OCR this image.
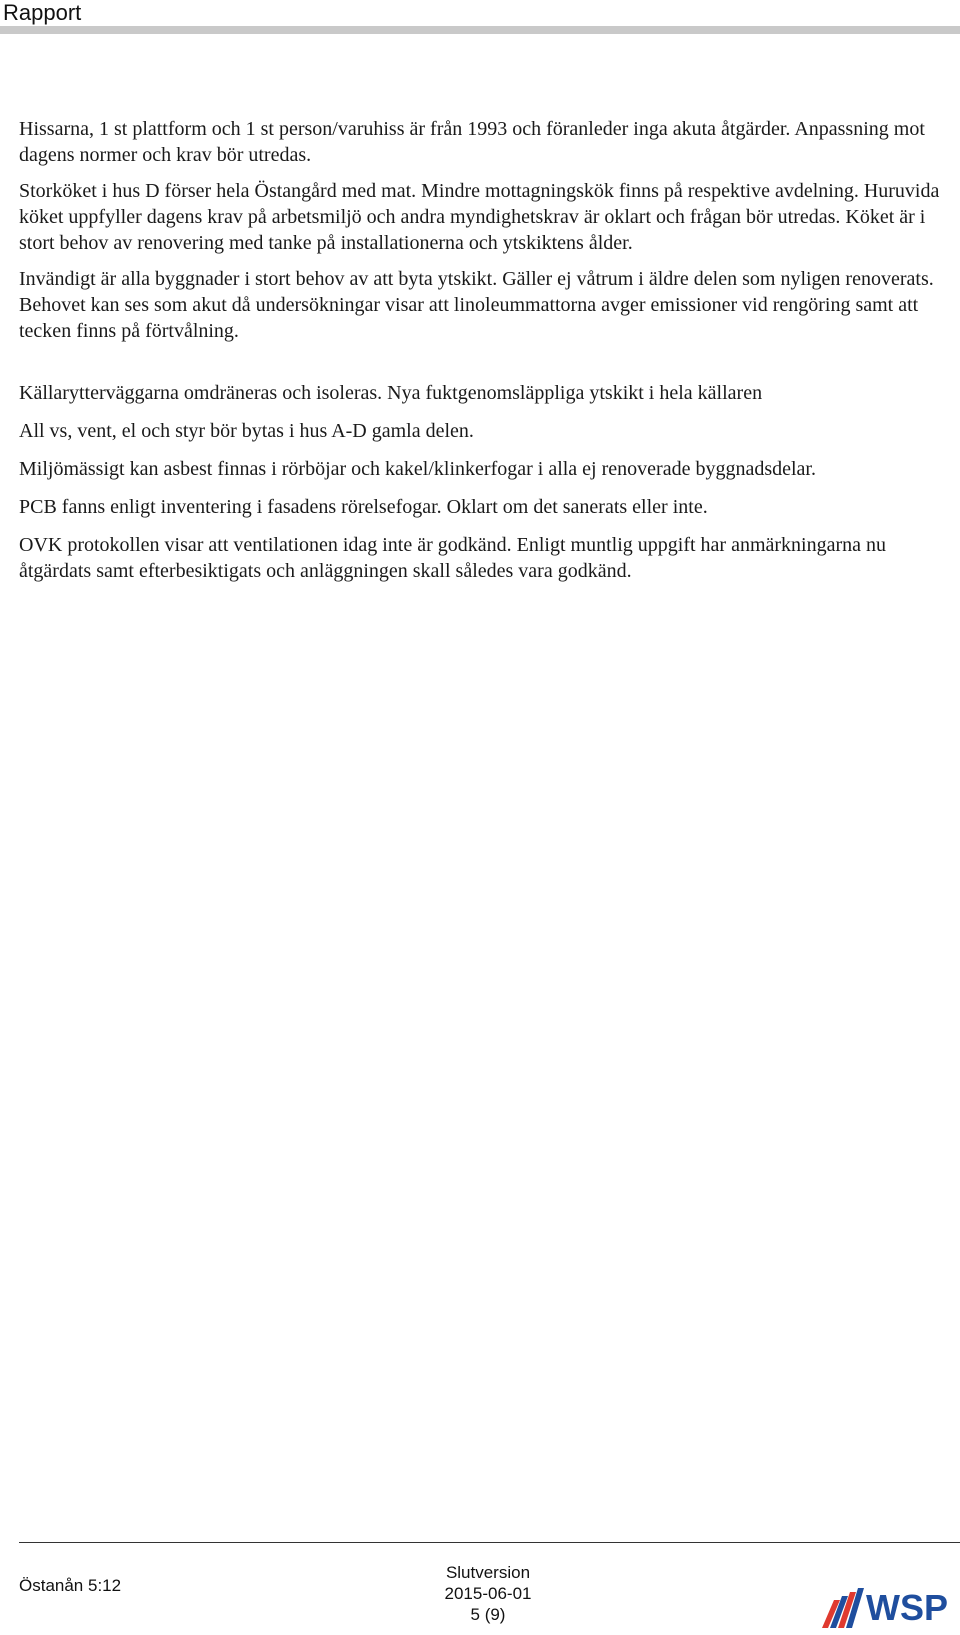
Rapport

Hissarna, 1 st plattform och 1 st person/varuhiss är från 1993 och föranleder inga akuta åtgärder. Anpassning mot dagens normer och krav bör utredas.

Storköket i hus D förser hela Östangård med mat. Mindre mottagningskök finns på respektive avdelning. Huruvida köket uppfyller dagens krav på arbetsmiljö och andra myndighetskrav är oklart och frågan bör utredas. Köket är i stort behov av renovering med tanke på installationerna och ytskiktens ålder.

Invändigt är alla byggnader i stort behov av att byta ytskikt. Gäller ej våtrum i äldre delen som nyligen renoverats. Behovet kan ses som akut då undersökningar visar att linoleummattorna avger emissioner vid rengöring samt att tecken finns på förtvålning.

Källarytterväggarna omdräneras och isoleras. Nya fuktgenomsläppliga ytskikt i hela källaren

All vs, vent, el och styr bör bytas i hus A-D gamla delen.

Miljömässigt kan asbest finnas i rörböjar och kakel/klinkerfogar i alla ej renoverade byggnadsdelar.

PCB fanns enligt inventering i fasadens rörelsefogar. Oklart om det sanerats eller inte.

OVK protokollen visar att ventilationen idag inte är godkänd. Enligt muntlig uppgift har anmärkningarna nu åtgärdats samt efterbesiktigats och anläggningen skall således vara godkänd.

Östanån 5:12
Slutversion
2015-06-01
5 (9)	WSP
